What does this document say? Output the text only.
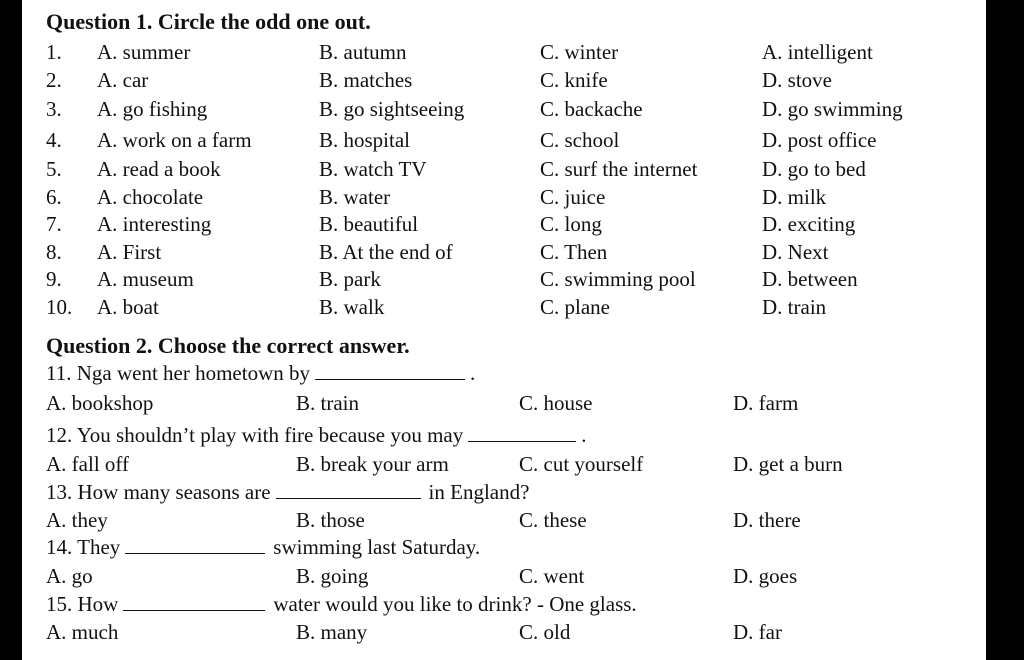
Question 1. Circle the odd one out.
1. A. summer	B. autumn	C. winter	A. intelligent
2. A. car	B. matches	C. knife	D. stove
3. A. go fishing	B. go sightseeing	C. backache	D. go swimming
4. A. work on a farm	B. hospital	C. school	D. post office
5. A. read a book	B. watch TV	C. surf the internet	D. go to bed
6. A. chocolate	B. water	C. juice	D. milk
7. A. interesting	B. beautiful	C. long	D. exciting
8. A. First	B. At the end of	C. Then	D. Next
9. A. museum	B. park	C. swimming pool	D. between
10. A. boat	B. walk	C. plane	D. train
Question 2. Choose the correct answer.
11. Nga went her hometown by	.
A. bookshop	B. train	C. house	D. farm
12. You shouldn’t play with fire because you may	.
A. fall off	B. break your arm	C. cut yourself	D. get a burn
13. How many seasons are	in England?
A. they	B. those	C. these	D. there
14. They	swimming last Saturday.
A. go	B. going	C. went	D. goes
15. How	water would you like to drink? - One glass.
A. much	B. many	C. old	D. far
